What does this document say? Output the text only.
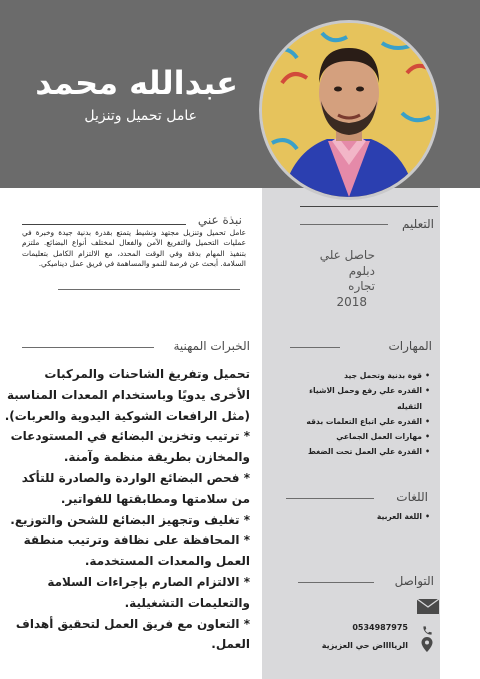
عبدالله محمد
عامل تحميل وتنزيل
نبذة عني
عامل تحميل وتنزيل مجتهد ونشيط يتمتع بقدرة بدنية جيدة وخبرة في عمليات التحميل والتفريغ الآمن والفعال لمختلف أنواع البضائع. ملتزم بتنفيذ المهام بدقة وفي الوقت المحدد، مع الالتزام الكامل بتعليمات السلامة. أبحث عن فرصة للنمو والمساهمة في فريق عمل ديناميكي.
الخبرات المهنية
تحميل وتفريغ الشاحنات والمركبات الأخرى يدويًا وباستخدام المعدات المناسبة (مثل الرافعات الشوكية اليدوية والعربات).
* ترتيب وتخزين البضائع في المستودعات والمخازن بطريقة منظمة وآمنة.
* فحص البضائع الواردة والصادرة للتأكد من سلامتها ومطابقتها للفواتير.
* تغليف وتجهيز البضائع للشحن والتوزيع.
* المحافظة على نظافة وترتيب منطقة العمل والمعدات المستخدمة.
* الالتزام الصارم بإجراءات السلامة والتعليمات التشغيلية.
* التعاون مع فريق العمل لتحقيق أهداف العمل.
التعليم
حاصل علي
دبلوم
تجاره
2018
المهارات
قوة بدنية وتحمل جيد •
القدره علي رفع وحمل الاشياء الثقيله •
القدره علي اتباع التعلمات بدقه •
مهارات العمل الجماعي •
القدرة علي العمل تحت الضغط •
اللغات
اللغة العربية •
التواصل
0534987975
الريااااض حي العزيزية
